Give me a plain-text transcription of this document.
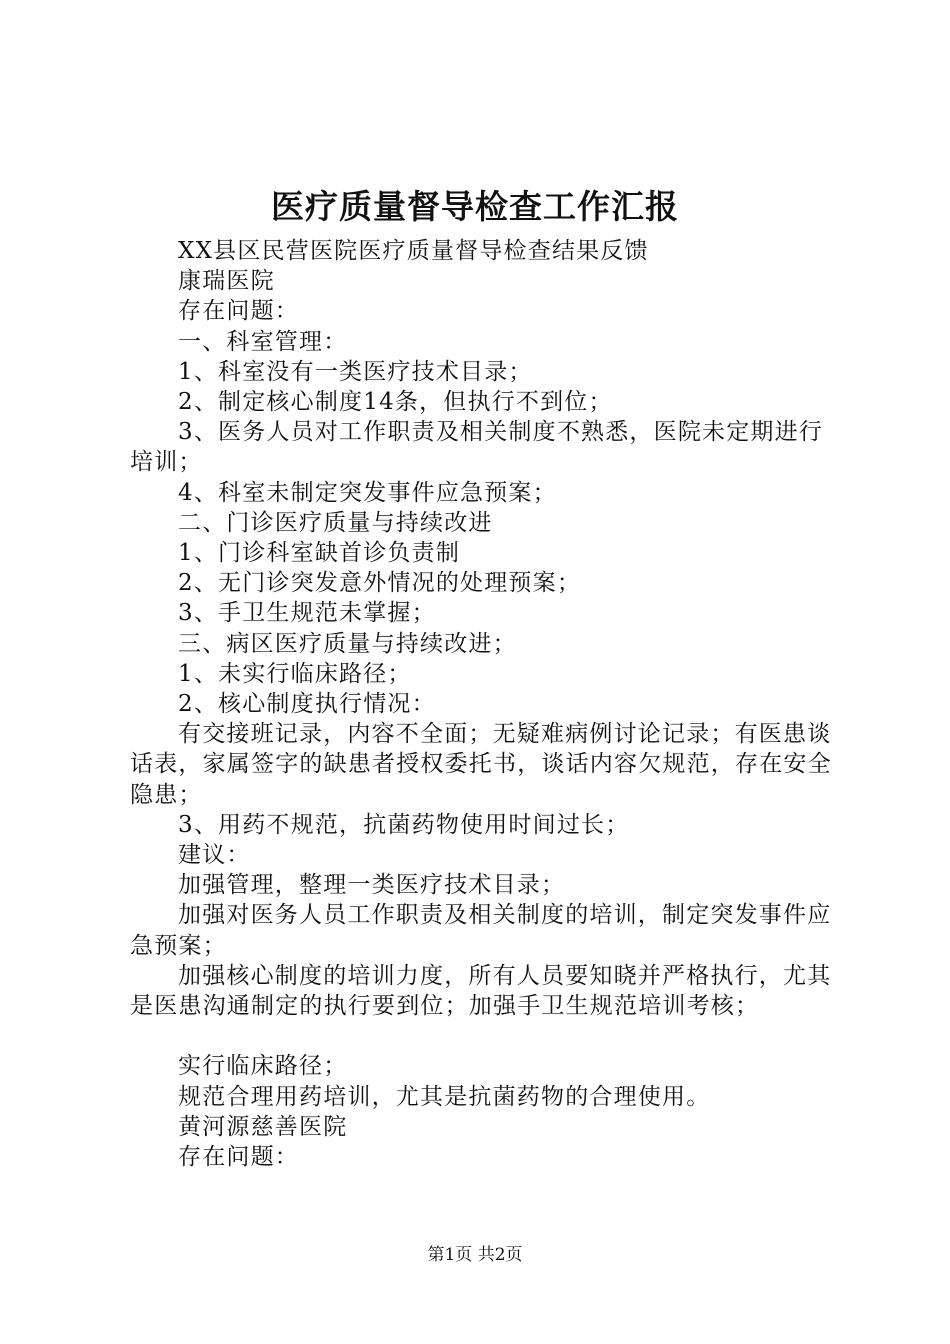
医疗质量督导检查工作汇报

XX县区民营医院医疗质量督导检查结果反馈

康瑞医院

存在问题：

一、科室管理：

1、科室没有一类医疗技术目录；

2、制定核心制度14条，但执行不到位；

3、医务人员对工作职责及相关制度不熟悉，医院未定期进行培训；

4、科室未制定突发事件应急预案；

二、门诊医疗质量与持续改进

1、门诊科室缺首诊负责制

2、无门诊突发意外情况的处理预案；

3、手卫生规范未掌握；

三、病区医疗质量与持续改进；

1、未实行临床路径；

2、核心制度执行情况：

有交接班记录，内容不全面；无疑难病例讨论记录；有医患谈话表，家属签字的缺患者授权委托书，谈话内容欠规范，存在安全隐患；

3、用药不规范，抗菌药物使用时间过长；

建议：

加强管理，整理一类医疗技术目录；

加强对医务人员工作职责及相关制度的培训，制定突发事件应急预案；

加强核心制度的培训力度，所有人员要知晓并严格执行，尤其是医患沟通制定的执行要到位；加强手卫生规范培训考核；

实行临床路径；

规范合理用药培训，尤其是抗菌药物的合理使用。

黄河源慈善医院

存在问题：

第1页 共2页
